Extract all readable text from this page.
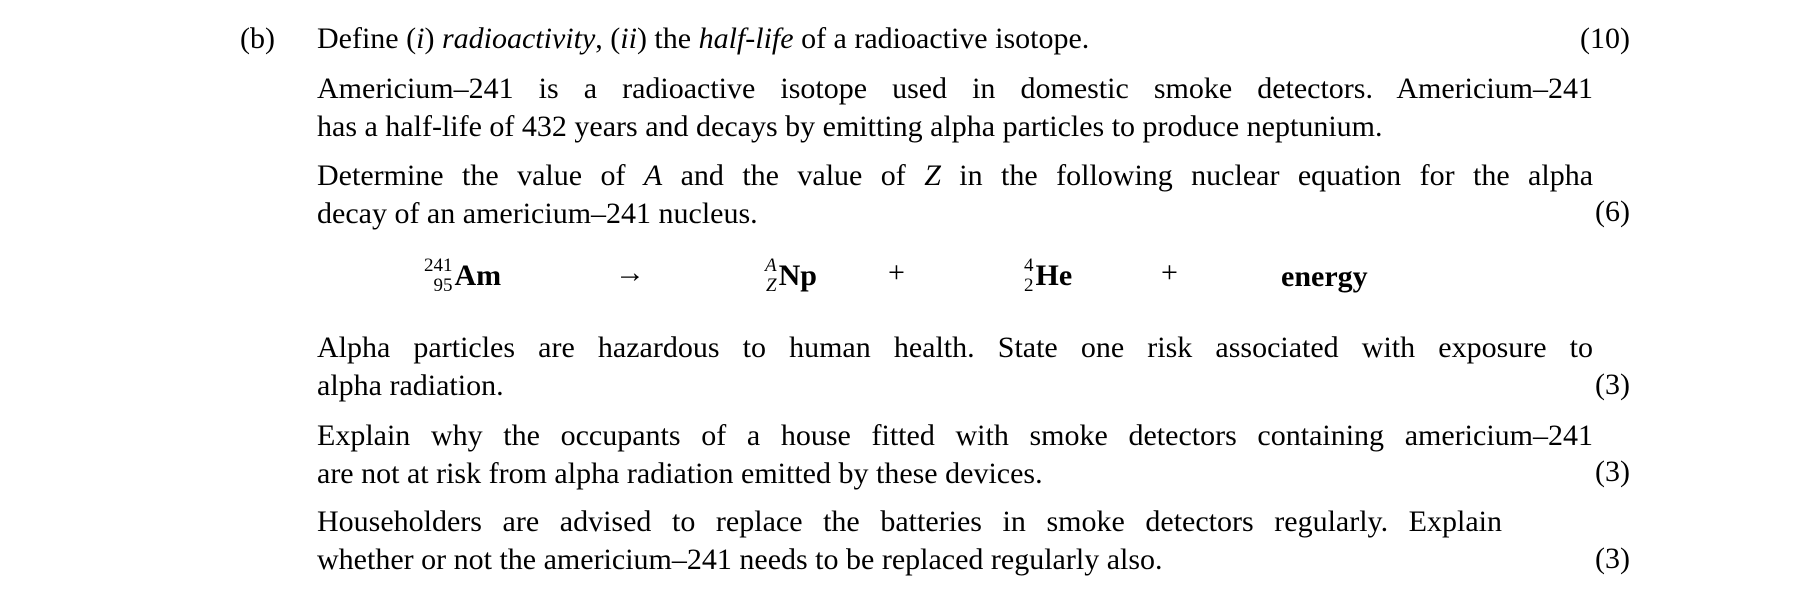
(b) Define (i) radioactivity, (ii) the half-life of a radioactive isotope.	(10)
Americium–241 is a radioactive isotope used in domestic smoke detectors. Americium–241
has a half-life of 432 years and decays by emitting alpha particles to produce neptunium.
Determine the value of A and the value of Z in the following nuclear equation for the alpha
decay of an americium–241 nucleus.	(6)
241
95 Am	→	A
Z Np +	4
2 He	+	energy
Alpha particles are hazardous to human health. State one risk associated with exposure to
alpha radiation.	(3)
Explain why the occupants of a house fitted with smoke detectors containing americium–241
are not at risk from alpha radiation emitted by these devices.	(3)
Householders are advised to replace the batteries in smoke detectors regularly. Explain
whether or not the americium–241 needs to be replaced regularly also.	(3)
